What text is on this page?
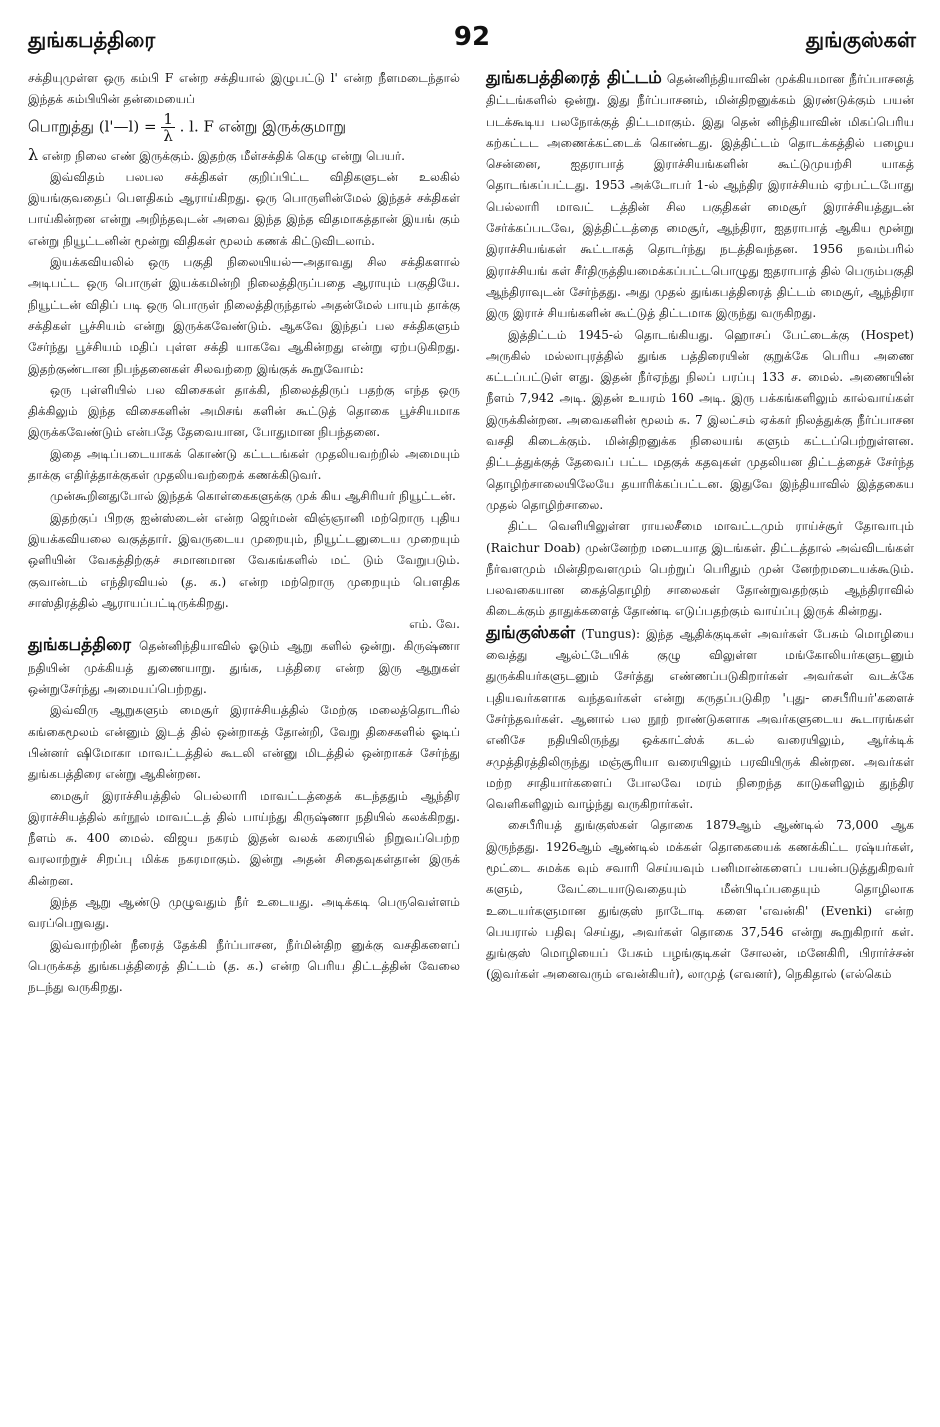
துங்கபத்திரை	92	துங்குஸ்கள்

சக்தியுமுள்ள ஒரு கம்பி F என்ற சக்தியால் இழுபட்டு l' என்ற நீளமடைந்தால் இந்தக் கம்பியின் தன்மையைப்

பொறுத்து (l'—l) = $\frac{1}{\lambda}$ . l. F என்று இருக்குமாறு

λ என்ற நிலை எண் இருக்கும். இதற்கு மீள்சக்திக் கெழு என்று பெயர்.

இவ்விதம் பலபல சக்திகள் குறிப்பிட்ட விதிகளுடன் உலகில் இயங்குவதைப் பௌதிகம் ஆராய்கிறது. ஒரு பொருளின்மேல் இந்தச் சக்திகள் பாய்கின்றன என்று அறிந்தவுடன் அவை இந்த இந்த விதமாகத்தான் இயங் கும் என்று நியூட்டனின் மூன்று விதிகள் மூலம் கணக் கிட்டுவிடலாம்.

இயக்கவியலில் ஒரு பகுதி நிலையியல்—அதாவது சில சக்திகளால் அடிபட்ட ஒரு பொருள் இயக்கமின்றி நிலைத்திருப்பதை ஆராயும் பகுதியே. நியூட்டன் விதிப் படி ஒரு பொருள் நிலைத்திருந்தால் அதன்மேல் பாயும் தாக்கு சக்திகள் பூச்சியம் என்று இருக்கவேண்டும். ஆகவே இந்தப் பல சக்திகளும் சேர்ந்து பூச்சியம் மதிப் புள்ள சக்தி யாகவே ஆகின்றது என்று ஏற்படுகிறது. இதற்குண்டான நிபந்தனைகள் சிலவற்றை இங்குக் கூறுவோம்:

ஒரு புள்ளியில் பல விசைகள் தாக்கி, நிலைத்திருப் பதற்கு எந்த ஒரு திக்கிலும் இந்த விசைகளின் அமிசங் களின் கூட்டுத் தொகை பூச்சியமாக இருக்கவேண்டும் என்பதே தேவையான, போதுமான நிபந்தனை.

இதை அடிப்படையாகக் கொண்டு கட்டடங்கள் முதலியவற்றில் அமையும் தாக்கு எதிர்த்தாக்குகள் முதலியவற்றைக் கணக்கிடுவர்.

முன்கூறினதுபோல் இந்தக் கொள்கைகளுக்கு முக் கிய ஆசிரியர் நியூட்டன்.

இதற்குப் பிறகு ஐன்ஸ்டைன் என்ற ஜெர்மன் விஞ்ஞானி மற்றொரு புதிய இயக்கவியலை வகுத்தார். இவருடைய முறையும், நியூட்டனுடைய முறையும் ஒளியின் வேகத்திற்குச் சமானமான வேகங்களில் மட் டும் வேறுபடும். குவான்டம் எந்திரவியல் (த. க.) என்ற மற்றொரு முறையும் பௌதிக சாஸ்திரத்தில் ஆராயப்பட்டிருக்கிறது.

எம். வே.

துங்கபத்திரை தென்னிந்தியாவில் ஓடும் ஆறு களில் ஒன்று. கிருஷ்ணா நதியின் முக்கியத் துணையாறு. துங்க, பத்திரை என்ற இரு ஆறுகள் ஒன்றுசேர்ந்து அமையப்பெற்றது.

இவ்விரு ஆறுகளும் மைசூர் இராச்சியத்தில் மேற்கு மலைத்தொடரில் கங்கைமூலம் என்னும் இடத் தில் ஒன்றாகத் தோன்றி, வேறு திசைகளில் ஓடிப் பின்னர் ஷிமோகா மாவட்டத்தில் கூடலி என்னு மிடத்தில் ஒன்றாகச் சேர்ந்து துங்கபத்திரை என்று ஆகின்றன.

மைசூர் இராச்சியத்தில் பெல்லாரி மாவட்டத்தைக் கடந்ததும் ஆந்திர இராச்சியத்தில் கர்நூல் மாவட்டத் தில் பாய்ந்து கிருஷ்ணா நதியில் கலக்கிறது. நீளம் சு. 400 மைல். விஜய நகரம் இதன் வலக் கரையில் நிறுவப்பெற்ற வரலாற்றுச் சிறப்பு மிக்க நகரமாகும். இன்று அதன் சிதைவுகள்தான் இருக் கின்றன.

இந்த ஆறு ஆண்டு முழுவதும் நீர் உடையது. அடிக்கடி பெருவெள்ளம் வரப்பெறுவது.

இவ்வாற்றின் நீரைத் தேக்கி நீர்ப்பாசன, நீர்மின்திற னுக்கு வசதிகளைப் பெருக்கத் துங்கபத்திரைத் திட்டம் (த. க.) என்ற பெரிய திட்டத்தின் வேலை நடந்து வருகிறது.

துங்கபத்திரைத் திட்டம் தென்னிந்தியாவின் முக்கியமான நீர்ப்பாசனத் திட்டங்களில் ஒன்று. இது நீர்ப்பாசனம், மின்திறனுக்கம் இரண்டுக்கும் பயன் படக்கூடிய பலநோக்குத் திட்டமாகும். இது தென் னிந்தியாவின் மிகப்பெரிய கற்கட்டட அணைக்கட்டைக் கொண்டது. இத்திட்டம் தொடக்கத்தில் பழைய சென்னை, ஐதராபாத் இராச்சியங்களின் கூட்டுமுயற்சி யாகத் தொடங்கப்பட்டது. 1953 அக்டோபர் 1-ல் ஆந்திர இராச்சியம் ஏற்பட்டபோது பெல்லாரி மாவட் டத்தின் சில பகுதிகள் மைசூர் இராச்சியத்துடன் சேர்க்கப்படவே, இத்திட்டத்தை மைசூர், ஆந்திரா, ஐதராபாத் ஆகிய மூன்று இராச்சியங்கள் கூட்டாகத் தொடர்ந்து நடத்திவந்தன. 1956 நவம்பரில் இராச்சியங் கள் சீர்திருத்தியமைக்கப்பட்டபொழுது ஐதராபாத் தில் பெரும்பகுதி ஆந்திராவுடன் சேர்ந்தது. அது முதல் துங்கபத்திரைத் திட்டம் மைசூர், ஆந்திரா இரு இராச் சியங்களின் கூட்டுத் திட்டமாக இருந்து வருகிறது.

இத்திட்டம் 1945-ல் தொடங்கியது. ஹொசப் பேட்டைக்கு (Hospet) அருகில் மல்லாபுரத்தில் துங்க பத்திரையின் குறுக்கே பெரிய அணை கட்டப்பட்டுள் ளது. இதன் நீர்ஏந்து நிலப் பரப்பு 133 ச. மைல். அணையின் நீளம் 7,942 அடி. இதன் உயரம் 160 அடி. இரு பக்கங்களிலும் கால்வாய்கள் இருக்கின்றன. அவைகளின் மூலம் சு. 7 இலட்சம் ஏக்கர் நிலத்துக்கு நீர்ப்பாசன வசதி கிடைக்கும். மின்திறனுக்க நிலையங் களும் கட்டப்பெற்றுள்ளன. திட்டத்துக்குத் தேவைப் பட்ட மதகுக் கதவுகள் முதலியன திட்டத்தைச் சேர்ந்த தொழிற்சாலையிலேயே தயாரிக்கப்பட்டன. இதுவே இந்தியாவில் இத்தகைய முதல் தொழிற்சாலை.

திட்ட வெளியிலுள்ள ராயலசீமை மாவட்டமும் ராய்ச்சூர் தோவாபும் (Raichur Doab) முன்னேற்ற மடையாத இடங்கள். திட்டத்தால் அவ்விடங்கள் நீர்வளமும் மின்திறவளமும் பெற்றுப் பெரிதும் முன் னேற்றமடையக்கூடும். பலவகையான கைத்தொழிற் சாலைகள் தோன்றுவதற்கும் ஆந்திராவில் கிடைக்கும் தாதுக்களைத் தோண்டி எடுப்பதற்கும் வாய்ப்பு இருக் கின்றது.

துங்குஸ்கள் (Tungus): இந்த ஆதிக்குடிகள் அவர்கள் பேசும் மொழியை வைத்து ஆல்ட்டேயிக் குழு விலுள்ள மங்கோலியர்களுடனும் துருக்கியர்களுடனும் சேர்த்து எண்ணப்படுகிறார்கள் அவர்கள் வடக்கே புதியவர்களாக வந்தவர்கள் என்று கருதப்படுகிற 'புது- சைபீரியர்'களைச் சேர்ந்தவர்கள். ஆனால் பல நூற் றாண்டுகளாக அவர்களுடைய கூடாரங்கள் எனிசே நதியிலிருந்து ஒக்காட்ஸ்க் கடல் வரையிலும், ஆர்க்டிக் சமுத்திரத்திலிருந்து மஞ்சூரியா வரையிலும் பரவியிருக் கின்றன. அவர்கள் மற்ற சாதியார்களைப் போலவே மரம் நிறைந்த காடுகளிலும் துந்திர வெளிகளிலும் வாழ்ந்து வருகிறார்கள்.

சைபீரியத் துங்குஸ்கள் தொகை 1879ஆம் ஆண்டில் 73,000 ஆக இருந்தது. 1926ஆம் ஆண்டில் மக்கள் தொகையைக் கணக்கிட்ட ரஷ்யர்கள், மூட்டை சுமக்க வும் சவாரி செய்யவும் பனிமான்களைப் பயன்படுத்துகிறவர் களும், வேட்டையாடுவதையும் மீன்பிடிப்பதையும் தொழிலாக உடையர்களுமான துங்குஸ் நாடோடி களை 'எவன்கி' (Evenki) என்ற பெயரால் பதிவு செய்து, அவர்கள் தொகை 37,546 என்று கூறுகிறார் கள். துங்குஸ் மொழியைப் பேசும் பழங்குடிகள் சோலன், மனேகிரி, பிரார்ச்சன் (இவர்கள் அனைவரும் எவன்கியர்), லாமுத் (எவனர்), நெகிதால் (எல்கெம்
